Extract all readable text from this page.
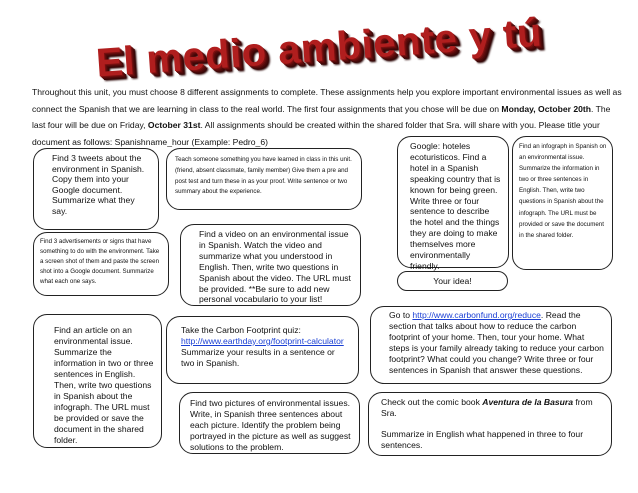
El medio ambiente y tú
Throughout this unit, you must choose 8 different assignments to complete. These assignments help you explore important environmental issues as well as connect the Spanish that we are learning in class to the real world. The first four assignments that you chose will be due on Monday, October 20th. The last four will be due on Friday, October 31st. All assignments should be created within the shared folder that Sra. will share with you. Please title your document as follows: Spanishname_hour (Example: Pedro_6)

Find 3 tweets about the environment in Spanish. Copy them into your Google document. Summarize what they say.

Teach someone something you have learned in class in this unit. (friend, absent classmate, family member) Give them a pre and post test and turn these in as your proof. Write sentence or two summary about the experience.

Google: hoteles ecoturisticos. Find a hotel in a Spanish speaking country that is known for being green. Write three or four sentence to describe the hotel and the things they are doing to make themselves more environmentally friendly.

Find an infograph in Spanish on an environmental issue. Summarize the information in two or three sentences in English. Then, write two questions in Spanish about the infograph. The URL must be provided or save the document in the shared folder.

Find 3 advertisements or signs that have something to do with the environment. Take a screen shot of them and paste the screen shot into a Google document. Summarize what each one says.

Find a video on an environmental issue in Spanish. Watch the video and summarize what you understood in English. Then, write two questions in Spanish about the video. The URL must be provided. **Be sure to add new personal vocabulario to your list!

Your idea!

Go to http://www.carbonfund.org/reduce. Read the section that talks about how to reduce the carbon footprint of your home. Then, tour your home. What steps is your family already taking to reduce your carbon footprint? What could you change? Write three or four sentences in Spanish that answer these questions.

Find an article on an environmental issue. Summarize the information in two or three sentences in English. Then, write two questions in Spanish about the infograph. The URL must be provided or save the document in the shared folder.

Take the Carbon Footprint quiz: http://www.earthday.org/footprint-calculator Summarize your results in a sentence or two in Spanish.

Find two pictures of environmental issues. Write, in Spanish three sentences about each picture. Identify the problem being portrayed in the picture as well as suggest solutions to the problem.

Check out the comic book Aventura de la Basura from Sra.

Summarize in English what happened in three to four sentences.
